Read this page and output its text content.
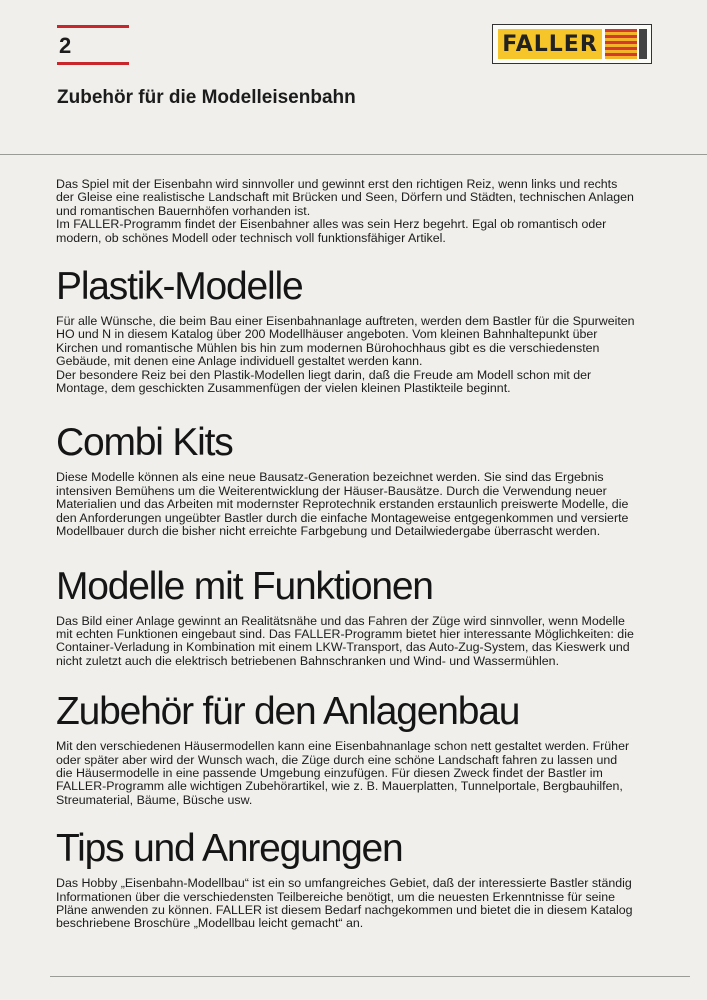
2	FALLER
Zubehör für die Modelleisenbahn

Das Spiel mit der Eisenbahn wird sinnvoller und gewinnt erst den richtigen Reiz, wenn links und rechts der Gleise eine realistische Landschaft mit Brücken und Seen, Dörfern und Städten, technischen Anlagen und romantischen Bauernhöfen vorhanden ist.
Im FALLER-Programm findet der Eisenbahner alles was sein Herz begehrt. Egal ob romantisch oder modern, ob schönes Modell oder technisch voll funktionsfähiger Artikel.

Plastik-Modelle

Für alle Wünsche, die beim Bau einer Eisenbahnanlage auftreten, werden dem Bastler für die Spurweiten HO und N in diesem Katalog über 200 Modellhäuser angeboten. Vom kleinen Bahnhaltepunkt über Kirchen und romantische Mühlen bis hin zum modernen Bürohochhaus gibt es die verschiedensten Gebäude, mit denen eine Anlage individuell gestaltet werden kann.
Der besondere Reiz bei den Plastik-Modellen liegt darin, daß die Freude am Modell schon mit der Montage, dem geschickten Zusammenfügen der vielen kleinen Plastikteile beginnt.

Combi Kits

Diese Modelle können als eine neue Bausatz-Generation bezeichnet werden. Sie sind das Ergebnis intensiven Bemühens um die Weiterentwicklung der Häuser-Bausätze. Durch die Verwendung neuer Materialien und das Arbeiten mit modernster Reprotechnik erstanden erstaunlich preiswerte Modelle, die den Anforderungen ungeübter Bastler durch die einfache Montageweise entgegenkommen und versierte Modellbauer durch die bisher nicht erreichte Farbgebung und Detailwiedergabe überrascht werden.

Modelle mit Funktionen

Das Bild einer Anlage gewinnt an Realitätsnähe und das Fahren der Züge wird sinnvoller, wenn Modelle mit echten Funktionen eingebaut sind. Das FALLER-Programm bietet hier interessante Möglichkeiten: die Container-Verladung in Kombination mit einem LKW-Transport, das Auto-Zug-System, das Kieswerk und nicht zuletzt auch die elektrisch betriebenen Bahnschranken und Wind- und Wassermühlen.

Zubehör für den Anlagenbau

Mit den verschiedenen Häusermodellen kann eine Eisenbahnanlage schon nett gestaltet werden. Früher oder später aber wird der Wunsch wach, die Züge durch eine schöne Landschaft fahren zu lassen und die Häusermodelle in eine passende Umgebung einzufügen. Für diesen Zweck findet der Bastler im FALLER-Programm alle wichtigen Zubehörartikel, wie z. B. Mauerplatten, Tunnelportale, Bergbauhilfen, Streumaterial, Bäume, Büsche usw.

Tips und Anregungen

Das Hobby „Eisenbahn-Modellbau“ ist ein so umfangreiches Gebiet, daß der interessierte Bastler ständig Informationen über die verschiedensten Teilbereiche benötigt, um die neuesten Erkenntnisse für seine Pläne anwenden zu können. FALLER ist diesem Bedarf nachgekommen und bietet die in diesem Katalog beschriebene Broschüre „Modellbau leicht gemacht“ an.
